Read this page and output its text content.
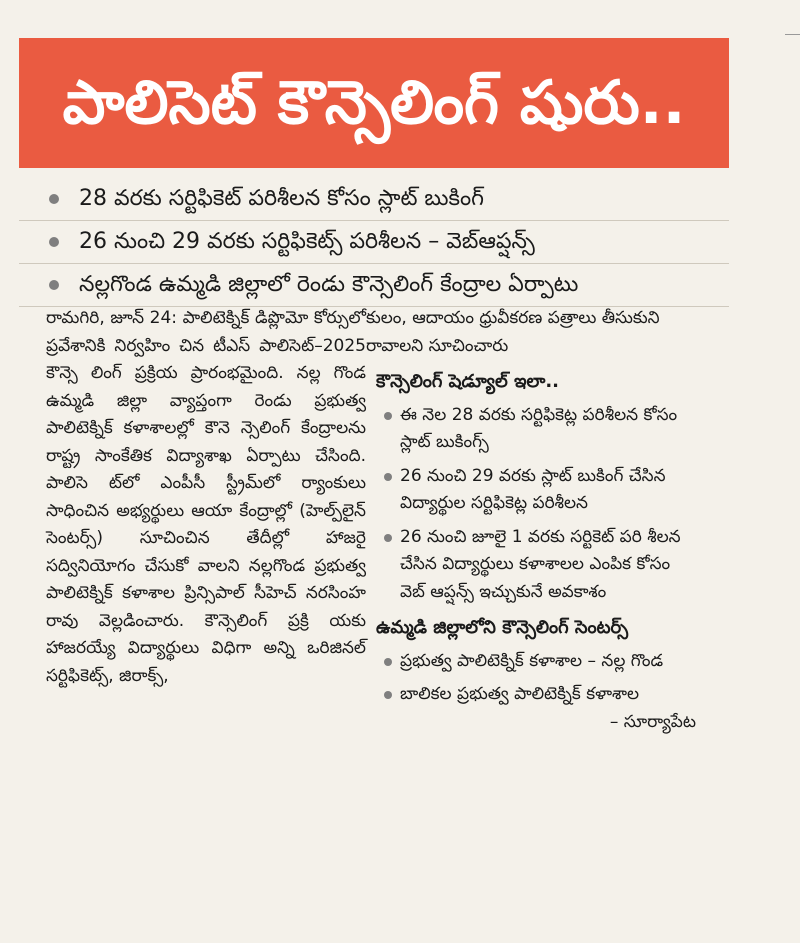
పాలిసెట్ కౌన్సెలింగ్ షురు..
28 వరకు సర్టిఫికెట్ పరిశీలన కోసం స్లాట్ బుకింగ్
26 నుంచి 29 వరకు సర్టిఫికెట్స్ పరిశీలన – వెబ్‌ఆప్షన్స్
నల్లగొండ ఉమ్మడి జిల్లాలో రెండు కౌన్సెలింగ్ కేంద్రాల ఏర్పాటు

రామగిరి, జూన్ 24: పాలిటెక్నిక్ డిప్లొమో కోర్సులో ప్రవేశానికి నిర్వహిం చిన టీఎస్ పాలిసెట్–2025 కౌన్సె లింగ్ ప్రక్రియ ప్రారంభమైంది. నల్ల గొండ ఉమ్మడి జిల్లా వ్యాప్తంగా రెండు ప్రభుత్వ పాలిటెక్నిక్ కళాశాలల్లో కౌనె న్సెలింగ్ కేంద్రాలను రాష్ట్ర సాంకేతిక విద్యాశాఖ ఏర్పాటు చేసింది. పాలిసె ట్‌లో ఎంపీసీ స్ట్రీమ్‌లో ర్యాంకులు సాధించిన అభ్యర్థులు ఆయా కేంద్రాల్లో (హెల్ప్‌లైన్ సెంటర్స్) సూచించిన తేదీల్లో హాజరై సద్వినియోగం చేసుకో వాలని నల్లగొండ ప్రభుత్వ పాలిటెక్నిక్ కళాశాల ప్రిన్సిపాల్ సీహెచ్ నరసింహ రావు వెల్లడించారు. కౌన్సెలింగ్ ప్రక్రి యకు హాజరయ్యే విద్యార్థులు విధిగా అన్ని ఒరిజినల్ సర్టిఫికెట్స్, జిరాక్స్,

కులం, ఆదాయం ధ్రువీకరణ పత్రాలు తీసుకుని రావాలని సూచించారు

కౌన్సెలింగ్ షెడ్యూల్ ఇలా..
ఈ నెల 28 వరకు సర్టిఫికెట్ల పరిశీలన కోసం స్లాట్ బుకింగ్స్
26 నుంచి 29 వరకు స్లాట్ బుకింగ్ చేసిన విద్యార్థుల సర్టిఫికెట్ల పరిశీలన
26 నుంచి జూలై 1 వరకు సర్టికెట్ పరి శీలన చేసిన విద్యార్థులు కళాశాలల ఎంపిక కోసం వెబ్ ఆప్షన్స్ ఇచ్చుకునే అవకాశం
ఉమ్మడి జిల్లాలోని కౌన్సెలింగ్ సెంటర్స్
ప్రభుత్వ పాలిటెక్నిక్ కళాశాల – నల్ల గొండ
బాలికల ప్రభుత్వ పాలిటెక్నిక్ కళాశాల
– సూర్యాపేట
